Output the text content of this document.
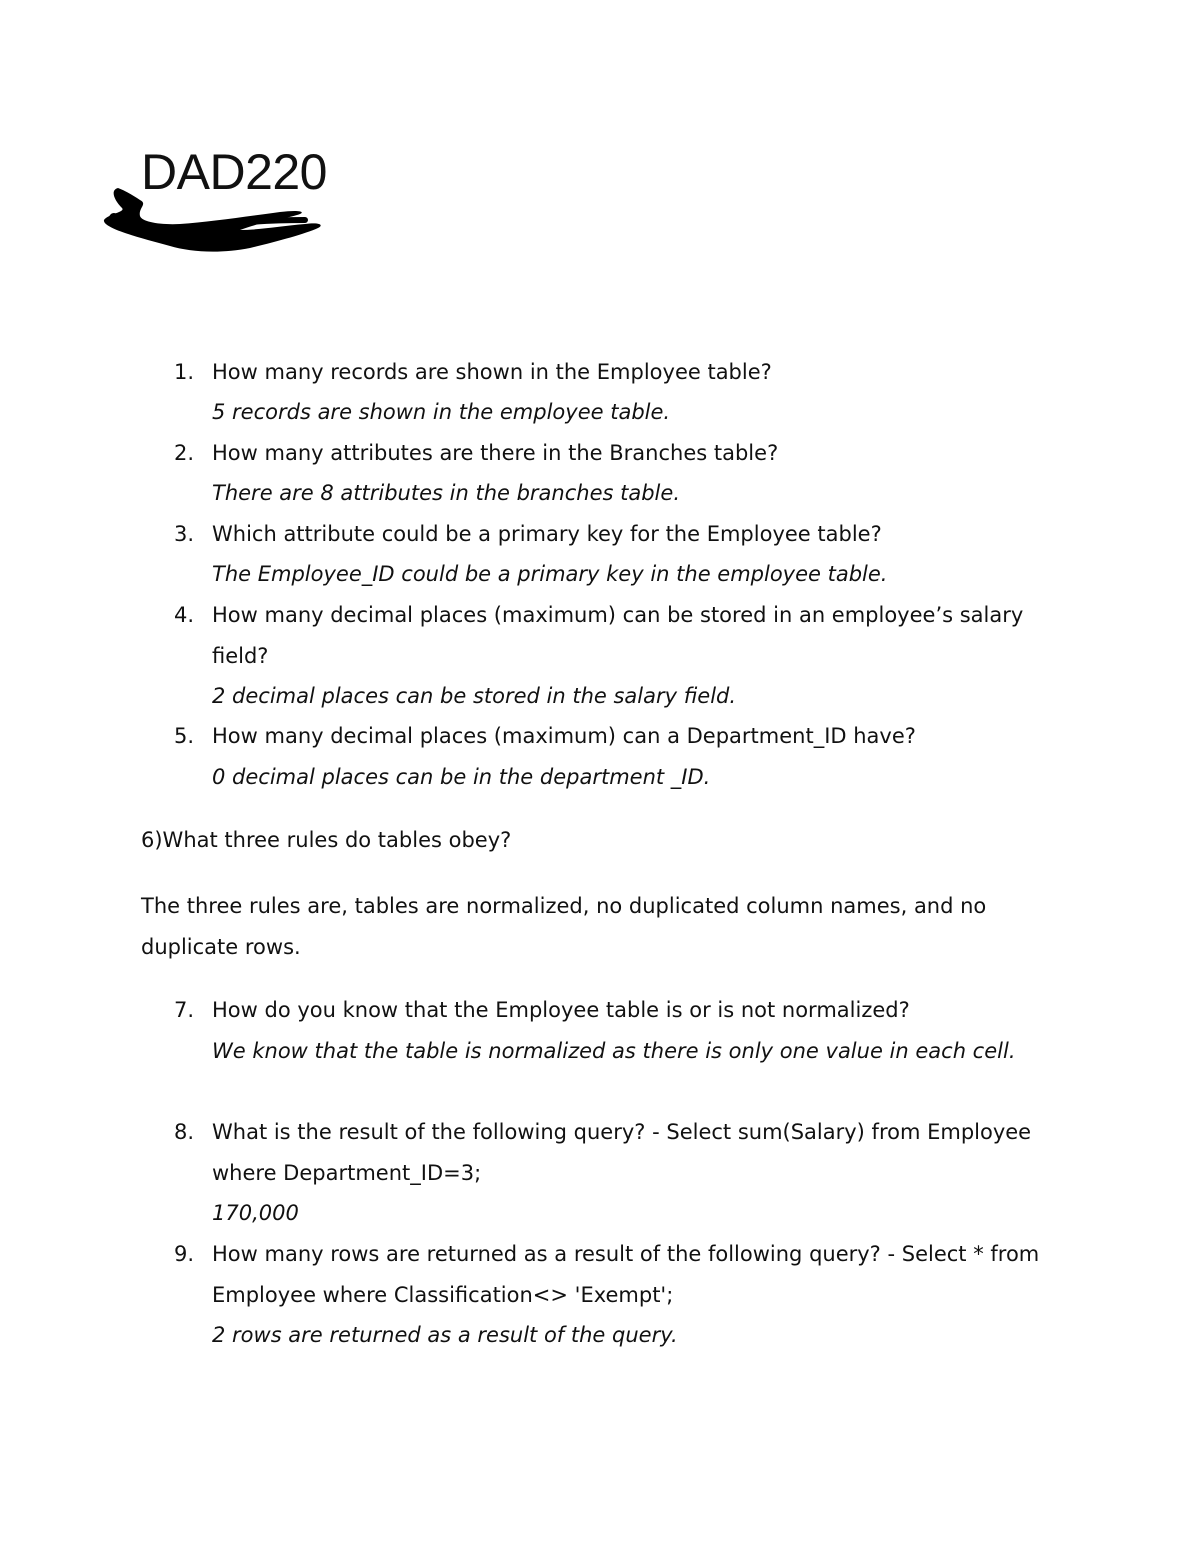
DAD220
1. How many records are shown in the Employee table?
5 records are shown in the employee table.
2. How many attributes are there in the Branches table?
There are 8 attributes in the branches table.
3. Which attribute could be a primary key for the Employee table?
The Employee_ID could be a primary key in the employee table.
4. How many decimal places (maximum) can be stored in an employee’s salary field?
2 decimal places can be stored in the salary field.
5. How many decimal places (maximum) can a Department_ID have?
0 decimal places can be in the department _ID.
6)What three rules do tables obey?
The three rules are, tables are normalized, no duplicated column names, and no duplicate rows.
7. How do you know that the Employee table is or is not normalized?
We know that the table is normalized as there is only one value in each cell.
8. What is the result of the following query? - Select sum(Salary) from Employee where Department_ID=3;
170,000
9. How many rows are returned as a result of the following query? - Select * from Employee where Classification<> 'Exempt';
2 rows are returned as a result of the query.
